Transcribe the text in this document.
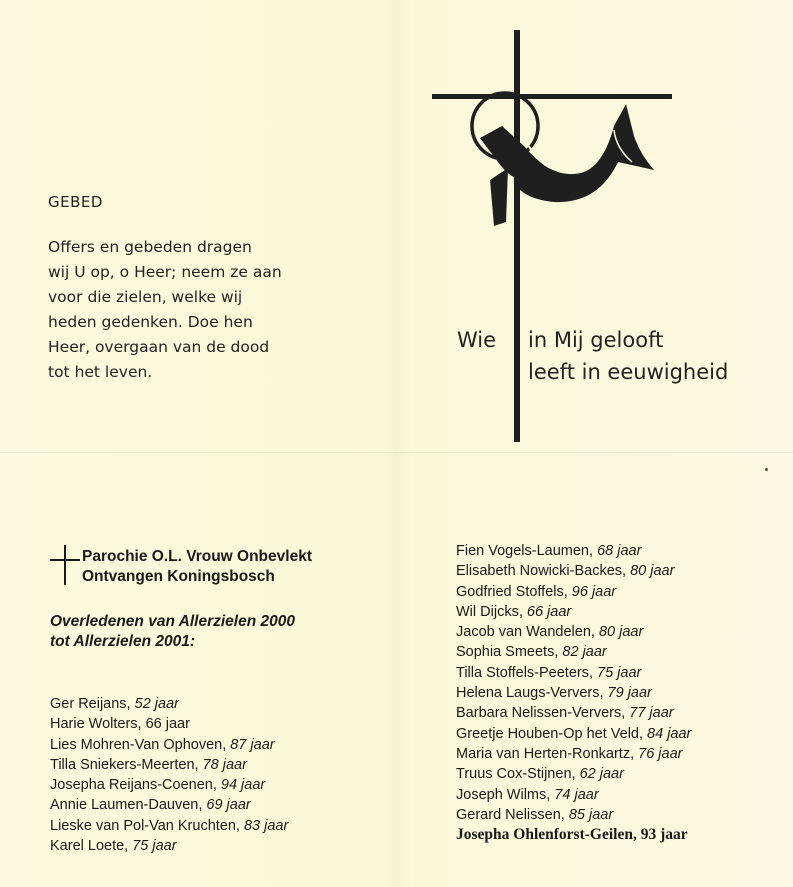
GEBED
Offers en gebeden dragen
wij U op, o Heer; neem ze aan
voor die zielen, welke wij
heden gedenken. Doe hen
Heer, overgaan van de dood
tot het leven.
Wie in Mij gelooft
leeft in eeuwigheid
Parochie O.L. Vrouw Onbevlekt
Ontvangen Koningsbosch
Overledenen van Allerzielen 2000
tot Allerzielen 2001:
Ger Reijans, 52 jaar
Harie Wolters, 66 jaar
Lies Mohren-Van Ophoven, 87 jaar
Tilla Sniekers-Meerten, 78 jaar
Josepha Reijans-Coenen, 94 jaar
Annie Laumen-Dauven, 69 jaar
Lieske van Pol-Van Kruchten, 83 jaar
Karel Loete, 75 jaar
Fien Vogels-Laumen, 68 jaar
Elisabeth Nowicki-Backes, 80 jaar
Godfried Stoffels, 96 jaar
Wil Dijcks, 66 jaar
Jacob van Wandelen, 80 jaar
Sophia Smeets, 82 jaar
Tilla Stoffels-Peeters, 75 jaar
Helena Laugs-Ververs, 79 jaar
Barbara Nelissen-Ververs, 77 jaar
Greetje Houben-Op het Veld, 84 jaar
Maria van Herten-Ronkartz, 76 jaar
Truus Cox-Stijnen, 62 jaar
Joseph Wilms, 74 jaar
Gerard Nelissen, 85 jaar
Josepha Ohlenforst-Geilen, 93 jaar
